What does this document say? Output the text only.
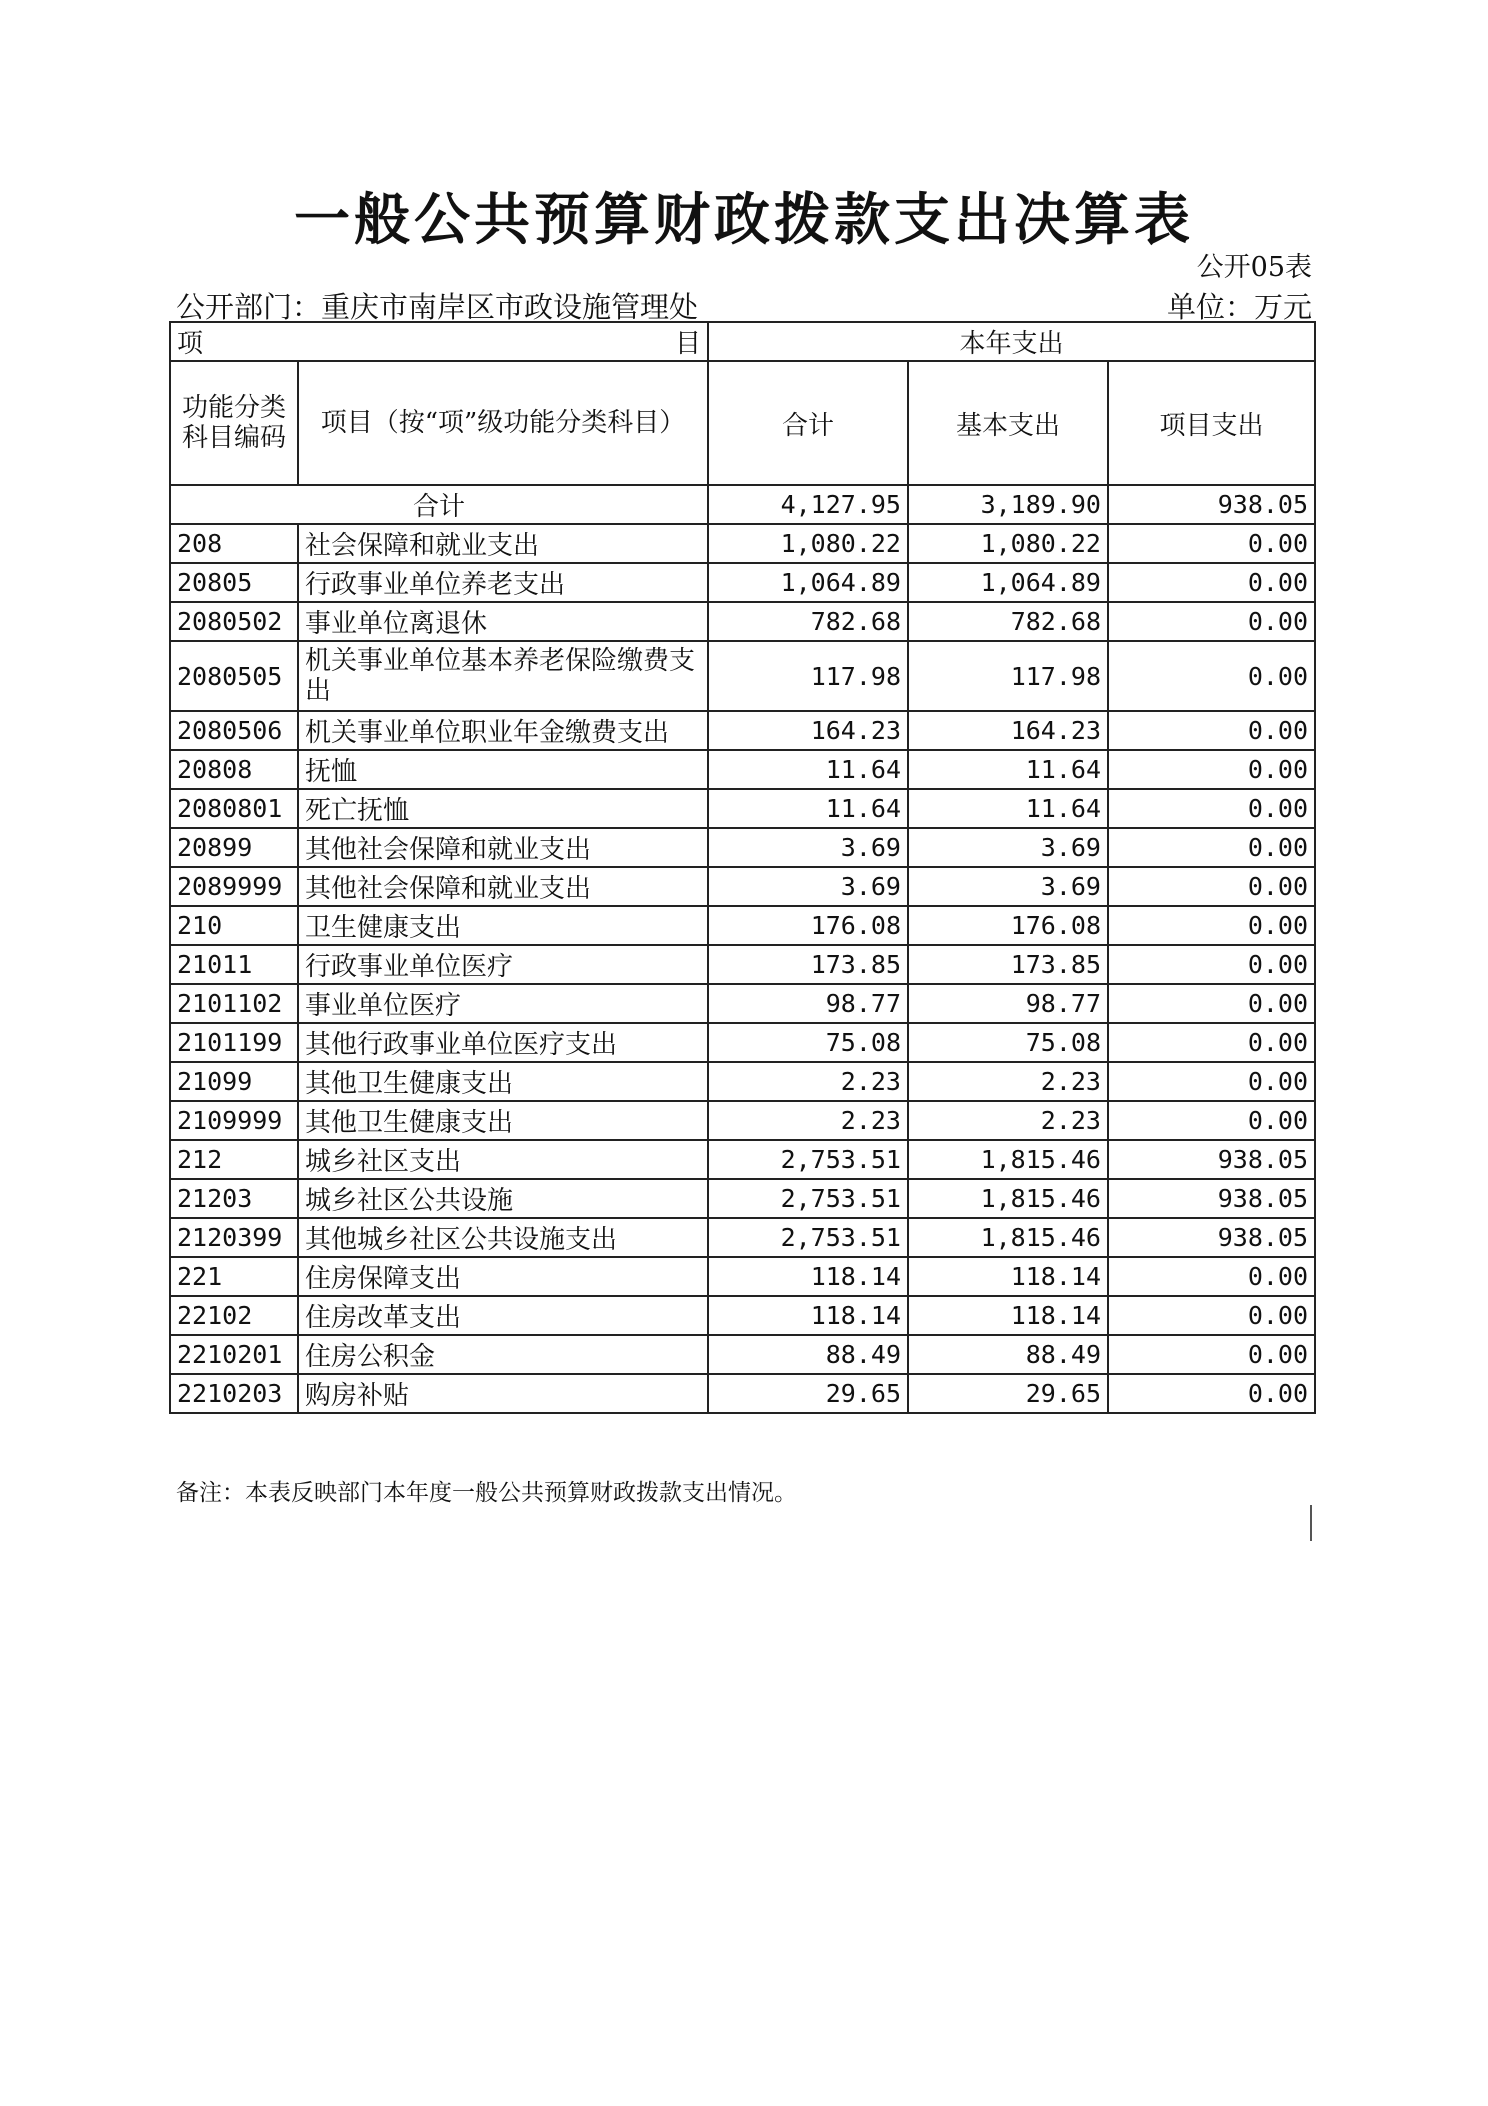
一般公共预算财政拨款支出决算表
公开05表
公开部门：重庆市南岸区市政设施管理处	单位：万元
项 目		本年支出		
功能分类科目编码	项目（按“项”级功能分类科目）	合计	基本支出	项目支出
合计		4,127.95	3,189.90	938.05
208	社会保障和就业支出	1,080.22	1,080.22	0.00
20805	行政事业单位养老支出	1,064.89	1,064.89	0.00
2080502	事业单位离退休	782.68	782.68	0.00
2080505	机关事业单位基本养老保险缴费支出	117.98	117.98	0.00
2080506	机关事业单位职业年金缴费支出	164.23	164.23	0.00
20808	抚恤	11.64	11.64	0.00
2080801	死亡抚恤	11.64	11.64	0.00
20899	其他社会保障和就业支出	3.69	3.69	0.00
2089999	其他社会保障和就业支出	3.69	3.69	0.00
210	卫生健康支出	176.08	176.08	0.00
21011	行政事业单位医疗	173.85	173.85	0.00
2101102	事业单位医疗	98.77	98.77	0.00
2101199	其他行政事业单位医疗支出	75.08	75.08	0.00
21099	其他卫生健康支出	2.23	2.23	0.00
2109999	其他卫生健康支出	2.23	2.23	0.00
212	城乡社区支出	2,753.51	1,815.46	938.05
21203	城乡社区公共设施	2,753.51	1,815.46	938.05
2120399	其他城乡社区公共设施支出	2,753.51	1,815.46	938.05
221	住房保障支出	118.14	118.14	0.00
22102	住房改革支出	118.14	118.14	0.00
2210201	住房公积金	88.49	88.49	0.00
2210203	购房补贴	29.65	29.65	0.00
备注：本表反映部门本年度一般公共预算财政拨款支出情况。
